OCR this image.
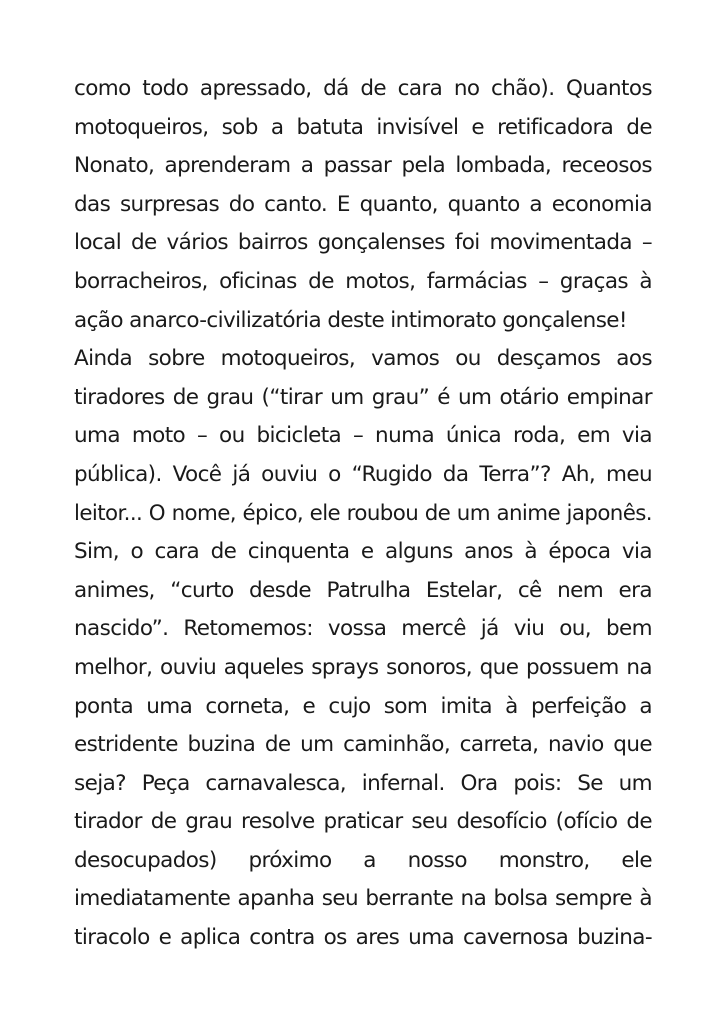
como todo apressado, dá de cara no chão). Quantos
motoqueiros, sob a batuta invisível e retificadora de
Nonato, aprenderam a passar pela lombada, receosos
das surpresas do canto. E quanto, quanto a economia
local de vários bairros gonçalenses foi movimentada –
borracheiros, oficinas de motos, farmácias – graças à
ação anarco-civilizatória deste intimorato gonçalense!
Ainda sobre motoqueiros, vamos ou desçamos aos
tiradores de grau (“tirar um grau” é um otário empinar
uma moto – ou bicicleta – numa única roda, em via
pública). Você já ouviu o “Rugido da Terra”? Ah, meu
leitor... O nome, épico, ele roubou de um anime japonês.
Sim, o cara de cinquenta e alguns anos à época via
animes, “curto desde Patrulha Estelar, cê nem era
nascido”. Retomemos: vossa mercê já viu ou, bem
melhor, ouviu aqueles sprays sonoros, que possuem na
ponta uma corneta, e cujo som imita à perfeição a
estridente buzina de um caminhão, carreta, navio que
seja? Peça carnavalesca, infernal. Ora pois: Se um
tirador de grau resolve praticar seu desofício (ofício de
desocupados) próximo a nosso monstro, ele
imediatamente apanha seu berrante na bolsa sempre à
tiracolo e aplica contra os ares uma cavernosa buzina-
